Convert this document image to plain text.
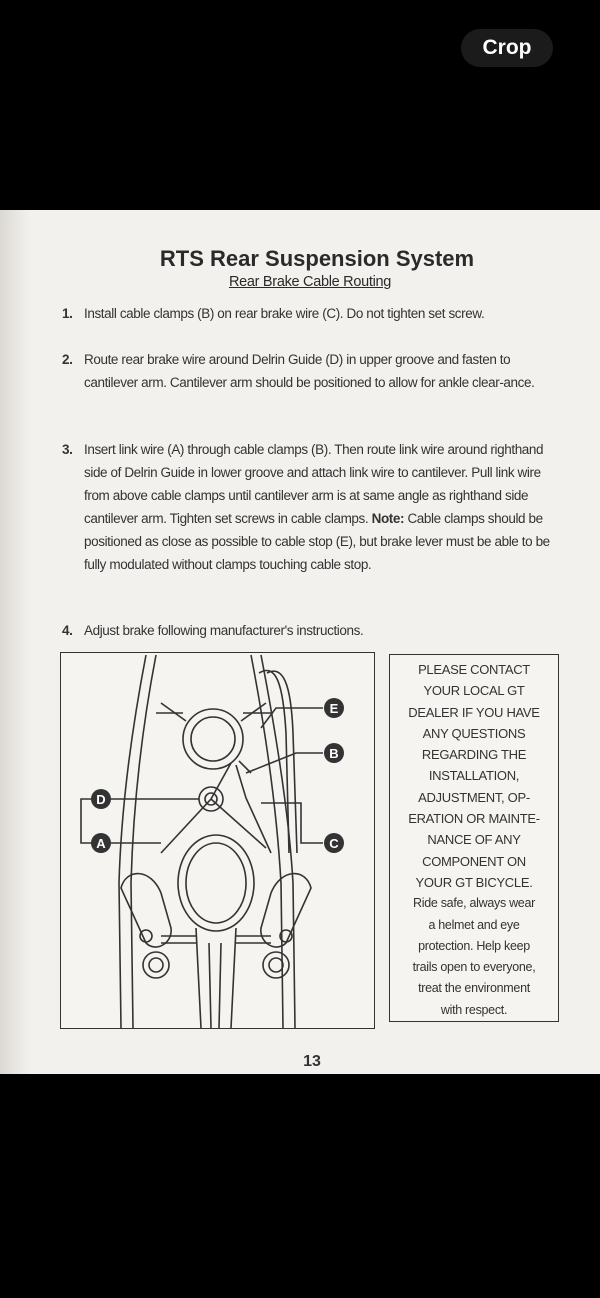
Crop
RTS Rear Suspension System
Rear Brake Cable Routing
1. Install cable clamps (B) on rear brake wire (C). Do not tighten set screw.
2. Route rear brake wire around Delrin Guide (D) in upper groove and fasten to cantilever arm. Cantilever arm should be positioned to allow for ankle clear-ance.
3. Insert link wire (A) through cable clamps (B). Then route link wire around righthand side of Delrin Guide in lower groove and attach link wire to cantilever. Pull link wire from above cable clamps until cantilever arm is at same angle as righthand side cantilever arm. Tighten set screws in cable clamps. Note: Cable clamps should be positioned as close as possible to cable stop (E), but brake lever must be able to be fully modulated without clamps touching cable stop.
4. Adjust brake following manufacturer's instructions.
D
A
E
B
C
PLEASE CONTACT
YOUR LOCAL GT
DEALER IF YOU HAVE
ANY QUESTIONS
REGARDING THE
INSTALLATION,
ADJUSTMENT, OP-
ERATION OR MAINTE-
NANCE OF ANY
COMPONENT ON
YOUR GT BICYCLE.
Ride safe, always wear
a helmet and eye
protection. Help keep
trails open to everyone,
treat the environment
with respect.
13
